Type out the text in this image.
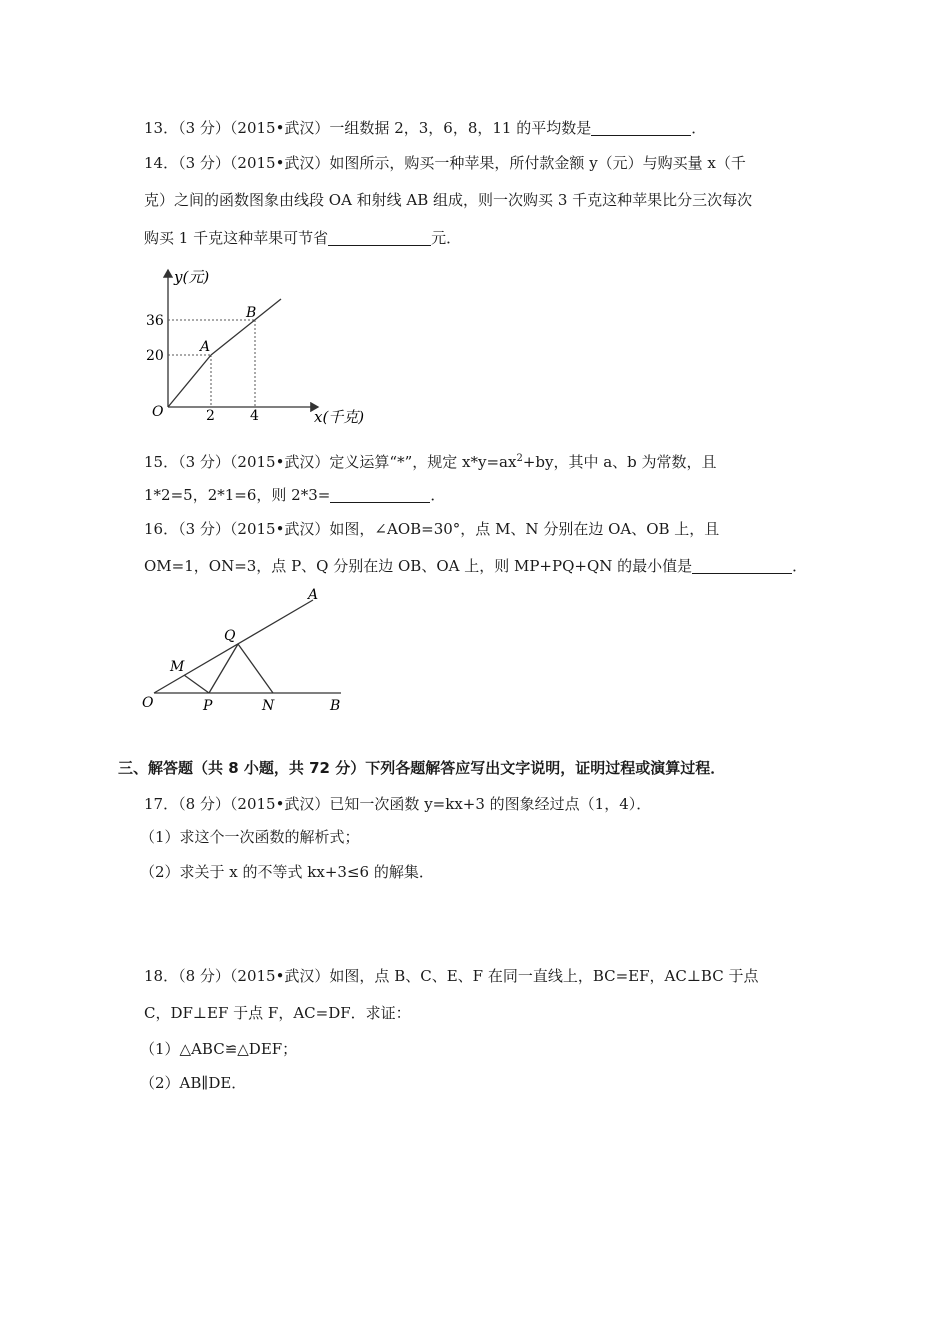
13．（3 分）（2015•武汉）一组数据 2，3，6，8，11 的平均数是	．
14．（3 分）（2015•武汉）如图所示，购买一种苹果，所付款金额 y（元）与购买量 x（千
克）之间的函数图象由线段 OA 和射线 AB 组成，则一次购买 3 千克这种苹果比分三次每次
购买 1 千克这种苹果可节省	元．
y(元)
x(千克)
O
A
B
36
20
2	4
15．（3 分）（2015•武汉）定义运算“*”，规定 $x*y=ax^2+by$，其中 a、b 为常数，且
1*2=5，2*1=6，则 2*3=	．
16．（3 分）（2015•武汉）如图，∠AOB=30°，点 M、N 分别在边 OA、OB 上，且
OM=1，ON=3，点 P、Q 分别在边 OB、OA 上，则 MP+PQ+QN 的最小值是	．
A
Q
M
O	P	N	B
三、解答题（共 8 小题，共 72 分）下列各题解答应写出文字说明，证明过程或演算过程．
17．（8 分）（2015•武汉）已知一次函数 y=kx+3 的图象经过点（1，4）．
（1）求这个一次函数的解析式；
（2）求关于 x 的不等式 kx+3≤6 的解集．
18．（8 分）（2015•武汉）如图，点 B、C、E、F 在同一直线上，BC=EF，AC⊥BC 于点
C，DF⊥EF 于点 F，AC=DF．求证：
（1）△ABC≌△DEF；
（2）AB∥DE．
